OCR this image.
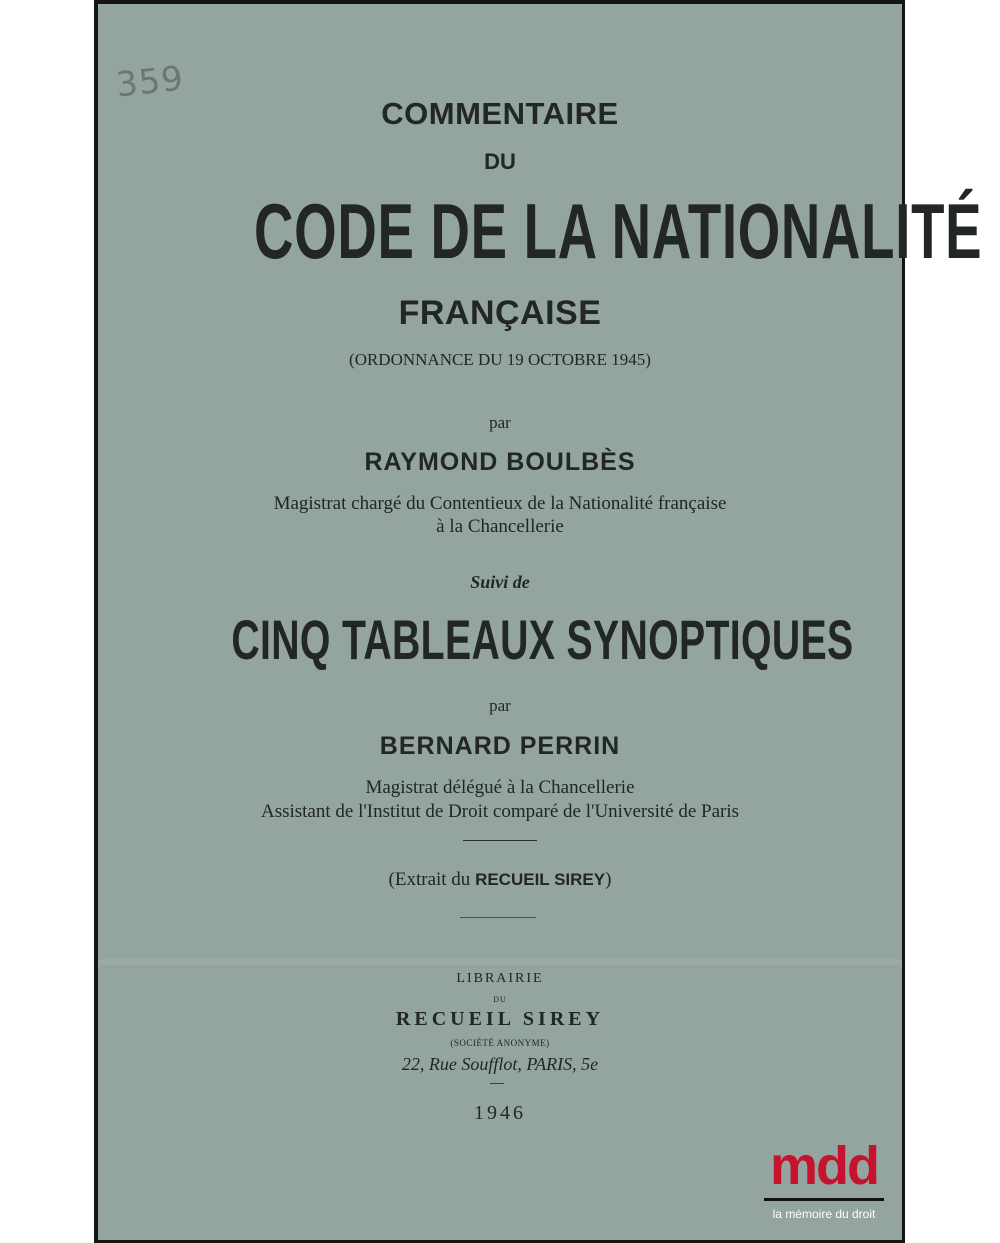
359
COMMENTAIRE
DU
CODE DE LA NATIONALITÉ
FRANÇAISE
(ORDONNANCE DU 19 OCTOBRE 1945)
par
RAYMOND BOULBÈS
Magistrat chargé du Contentieux de la Nationalité française
à la Chancellerie
Suivi de
CINQ TABLEAUX SYNOPTIQUES
par
BERNARD PERRIN
Magistrat délégué à la Chancellerie
Assistant de l'Institut de Droit comparé de l'Université de Paris
(Extrait du RECUEIL SIREY)
LIBRAIRIE
DU
RECUEIL SIREY
(SOCIÉTÉ ANONYME)
22, Rue Soufflot, PARIS, 5e
1946
mdd
la mémoire du droit
